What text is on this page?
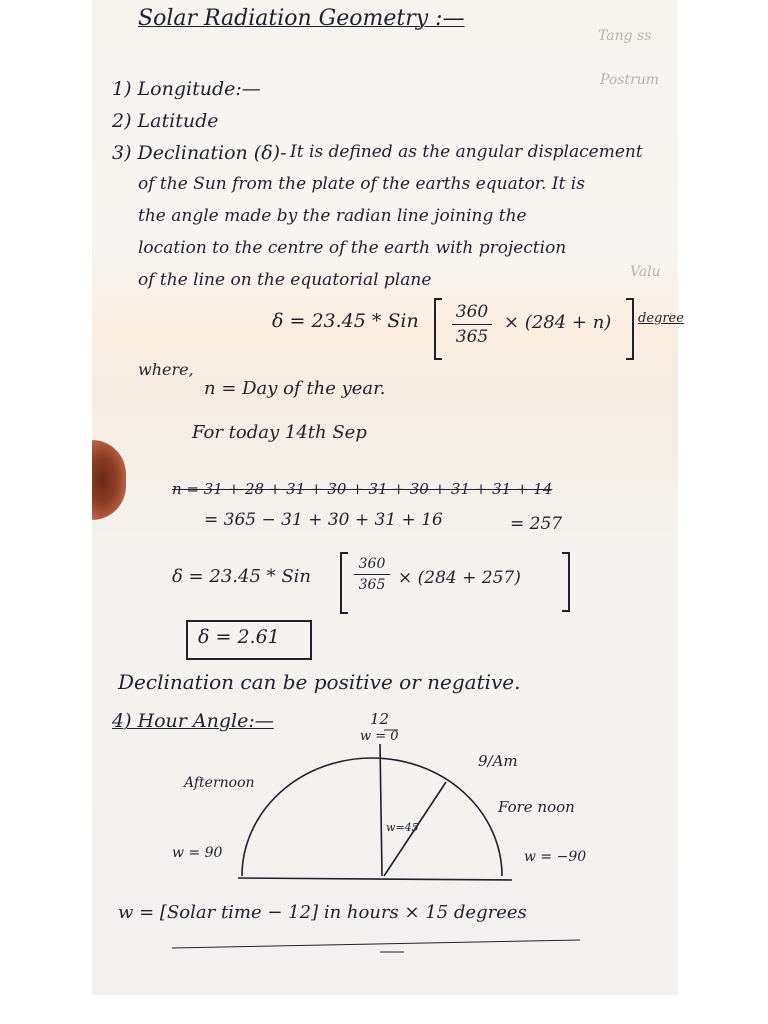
Tang ss
Postrum
Valu
Solar Radiation Geometry :—
1) Longitude:—
2) Latitude
3) Declination (δ)- It is defined as the angular displacement
of the Sun from the plate of the earths equator. It is
the angle made by the radian line joining the
location to the centre of the earth with projection
of the line on the equatorial plane
δ = 23.45 * Sin 360
365
× (284 + n) degree
where,
n = Day of the year.
For today 14th Sep
n = 31 + 28 + 31 + 30 + 31 + 30 + 31 + 31 + 14
= 365 − 31 + 30 + 31 + 16	= 257
δ = 23.45 * Sin
360
365 × (284 + 257)
δ = 2.61
Declination can be positive or negative.
4) Hour Angle:—	12
w = 0
9/Am
Afternoon
Fore noon
w=45
w = 90	w = −90
w = [Solar time − 12] in hours × 15 degrees
